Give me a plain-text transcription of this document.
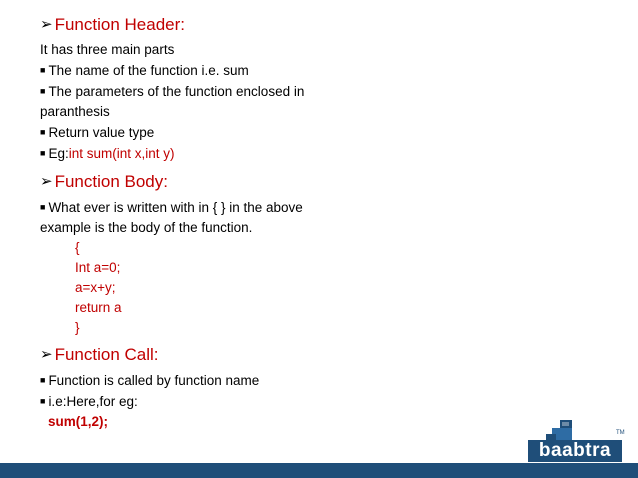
➢ Function Header:
It has three main parts
■ The name of the function i.e. sum
■ The parameters of the function enclosed in
paranthesis
■ Return value type
■ Eg:int sum(int x,int y)
➢ Function Body:
■ What ever is written with in { } in the above
example is the body of the function.
{
Int a=0;
a=x+y;
return a
}
➢ Function Call:
■ Function is called by function name
■ i.e:Here,for eg:
sum(1,2);
baabtra
TM
